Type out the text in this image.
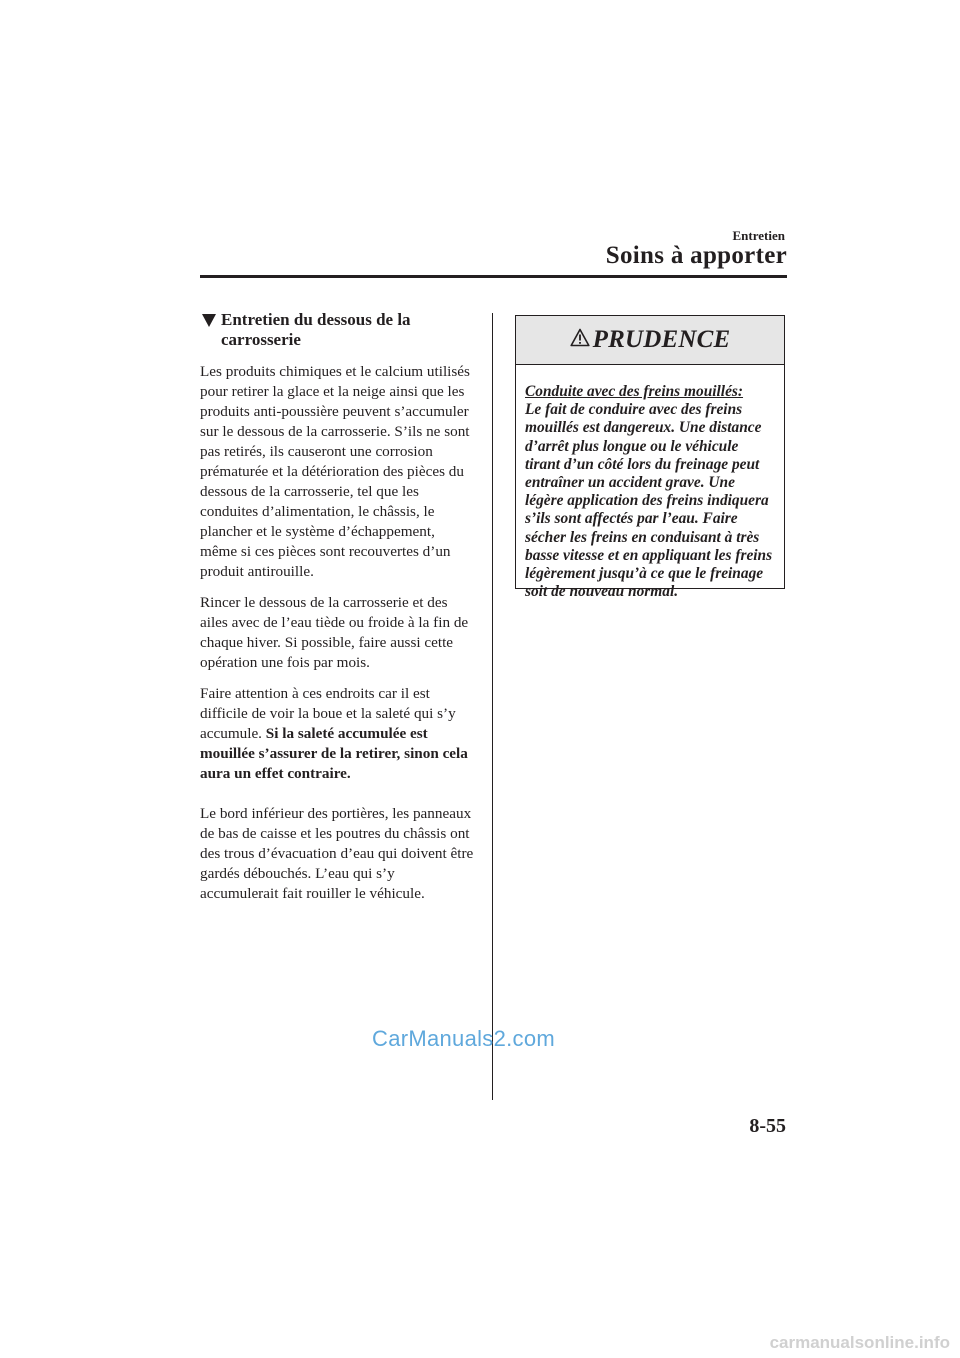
Entretien
Soins à apporter
Entretien du dessous de la
carrosserie

Les produits chimiques et le calcium utilisés pour retirer la glace et la neige ainsi que les produits anti-poussière peuvent s’accumuler sur le dessous de la carrosserie. S’ils ne sont pas retirés, ils causeront une corrosion prématurée et la détérioration des pièces du dessous de la carrosserie, tel que les conduites d’alimentation, le châssis, le plancher et le système d’échappement, même si ces pièces sont recouvertes d’un produit antirouille.

Rincer le dessous de la carrosserie et des ailes avec de l’eau tiède ou froide à la fin de chaque hiver. Si possible, faire aussi cette opération une fois par mois.

Faire attention à ces endroits car il est difficile de voir la boue et la saleté qui s’y accumule. Si la saleté accumulée est mouillée s’assurer de la retirer, sinon cela aura un effet contraire.

Le bord inférieur des portières, les panneaux de bas de caisse et les poutres du châssis ont des trous d’évacuation d’eau qui doivent être gardés débouchés. L’eau qui s’y accumulerait fait rouiller le véhicule.

PRUDENCE
Conduite avec des freins mouillés:
Le fait de conduire avec des freins mouillés est dangereux. Une distance d’arrêt plus longue ou le véhicule tirant d’un côté lors du freinage peut entraîner un accident grave. Une légère application des freins indiquera s’ils sont affectés par l’eau. Faire sécher les freins en conduisant à très basse vitesse et en appliquant les freins légèrement jusqu’à ce que le freinage soit de nouveau normal.
8-55
CarManuals2.com
carmanualsonline.info
